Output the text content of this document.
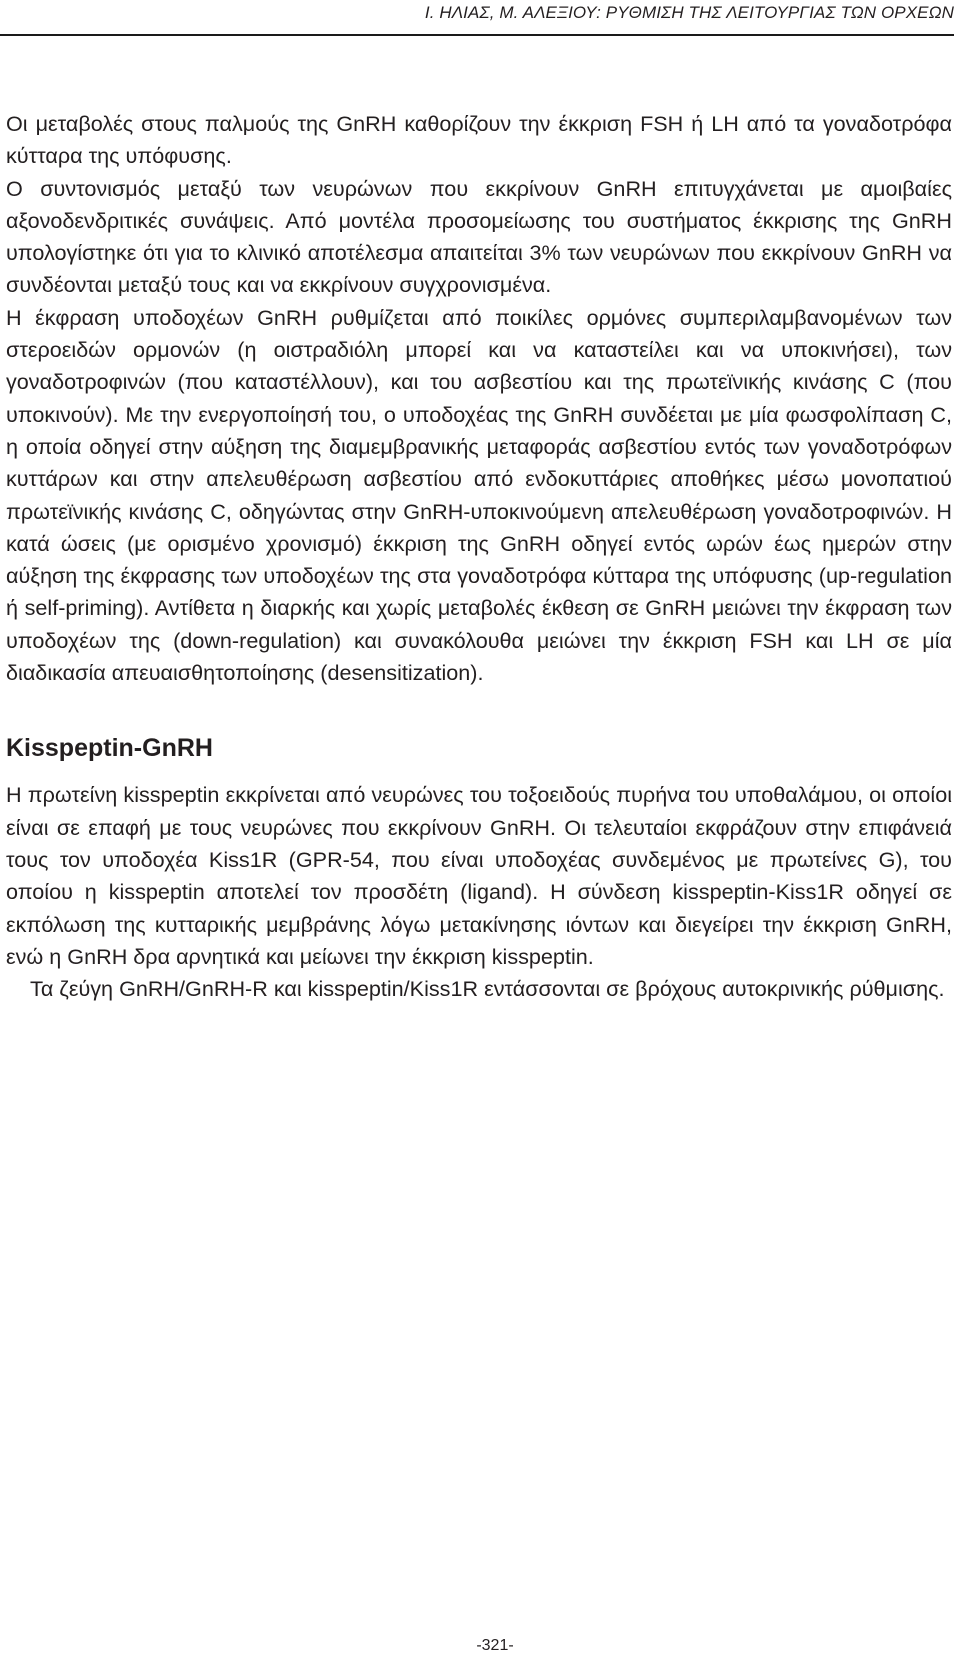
Ι. ΗΛΙΑΣ, Μ. ΑΛΕΞΙΟΥ: ΡΥΘΜΙΣΗ ΤΗΣ ΛΕΙΤΟΥΡΓΙΑΣ ΤΩΝ ΟΡΧΕΩΝ

Οι μεταβολές στους παλμούς της GnRH καθορίζουν την έκκριση FSH ή LH από τα γοναδοτρόφα κύτταρα της υπόφυσης.

Ο συντονισμός μεταξύ των νευρώνων που εκκρίνουν GnRH επιτυγχάνεται με αμοιβαίες αξονοδενδριτικές συνάψεις. Από μοντέλα προσομείωσης του συστήματος έκκρισης της GnRH υπολογίστηκε ότι για το κλινικό αποτέλεσμα απαιτείται 3% των νευρώνων που εκκρίνουν GnRH να συνδέονται μεταξύ τους και να εκκρίνουν συγχρονισμένα.

Η έκφραση υποδοχέων GnRH ρυθμίζεται από ποικίλες ορμόνες συμπεριλαμβανομένων των στεροειδών ορμονών (η οιστραδιόλη μπορεί και να καταστείλει και να υποκινήσει), των γοναδοτροφινών (που καταστέλλουν), και του ασβεστίου και της πρωτεϊνικής κινάσης C (που υποκινούν). Με την ενεργοποίησή του, ο υποδοχέας της GnRH συνδέεται με μία φωσφολίπαση C, η οποία οδηγεί στην αύξηση της διαμεμβρανικής μεταφοράς ασβεστίου εντός των γοναδοτρόφων κυττάρων και στην απελευθέρωση ασβεστίου από ενδοκυττάριες αποθήκες μέσω μονοπατιού πρωτεϊνικής κινάσης C, οδηγώντας στην GnRH-υποκινούμενη απελευθέρωση γοναδοτροφινών. Η κατά ώσεις (με ορισμένο χρονισμό) έκκριση της GnRH οδηγεί εντός ωρών έως ημερών στην αύξηση της έκφρασης των υποδοχέων της στα γοναδοτρόφα κύτταρα της υπόφυσης (up-regulation ή self-priming). Αντίθετα η διαρκής και χωρίς μεταβολές έκθεση σε GnRH μειώνει την έκφραση των υποδοχέων της (down-regulation) και συνακόλουθα μειώνει την έκκριση FSH και LH σε μία διαδικασία απευαισθητοποίησης (desensitization).

Kisspeptin-GnRH

Η πρωτείνη kisspeptin εκκρίνεται από νευρώνες του τοξοειδούς πυρήνα του υποθαλάμου, οι οποίοι είναι σε επαφή με τους νευρώνες που εκκρίνουν GnRH. Οι τελευταίοι εκφράζουν στην επιφάνειά τους τον υποδοχέα Kiss1R (GPR-54, που είναι υποδοχέας συνδεμένος με πρωτείνες G), του οποίου η kisspeptin αποτελεί τον προσδέτη (ligand). Η σύνδεση kisspeptin-Kiss1R οδηγεί σε εκπόλωση της κυτταρικής μεμβράνης λόγω μετακίνησης ιόντων και διεγείρει την έκκριση GnRH, ενώ η GnRH δρα αρνητικά και μείωνει την έκκριση kisspeptin.

Τα ζεύγη GnRH/GnRH-R και kisspeptin/Kiss1R εντάσσονται σε βρόχους αυτοκρινικής ρύθμισης.

-321-
